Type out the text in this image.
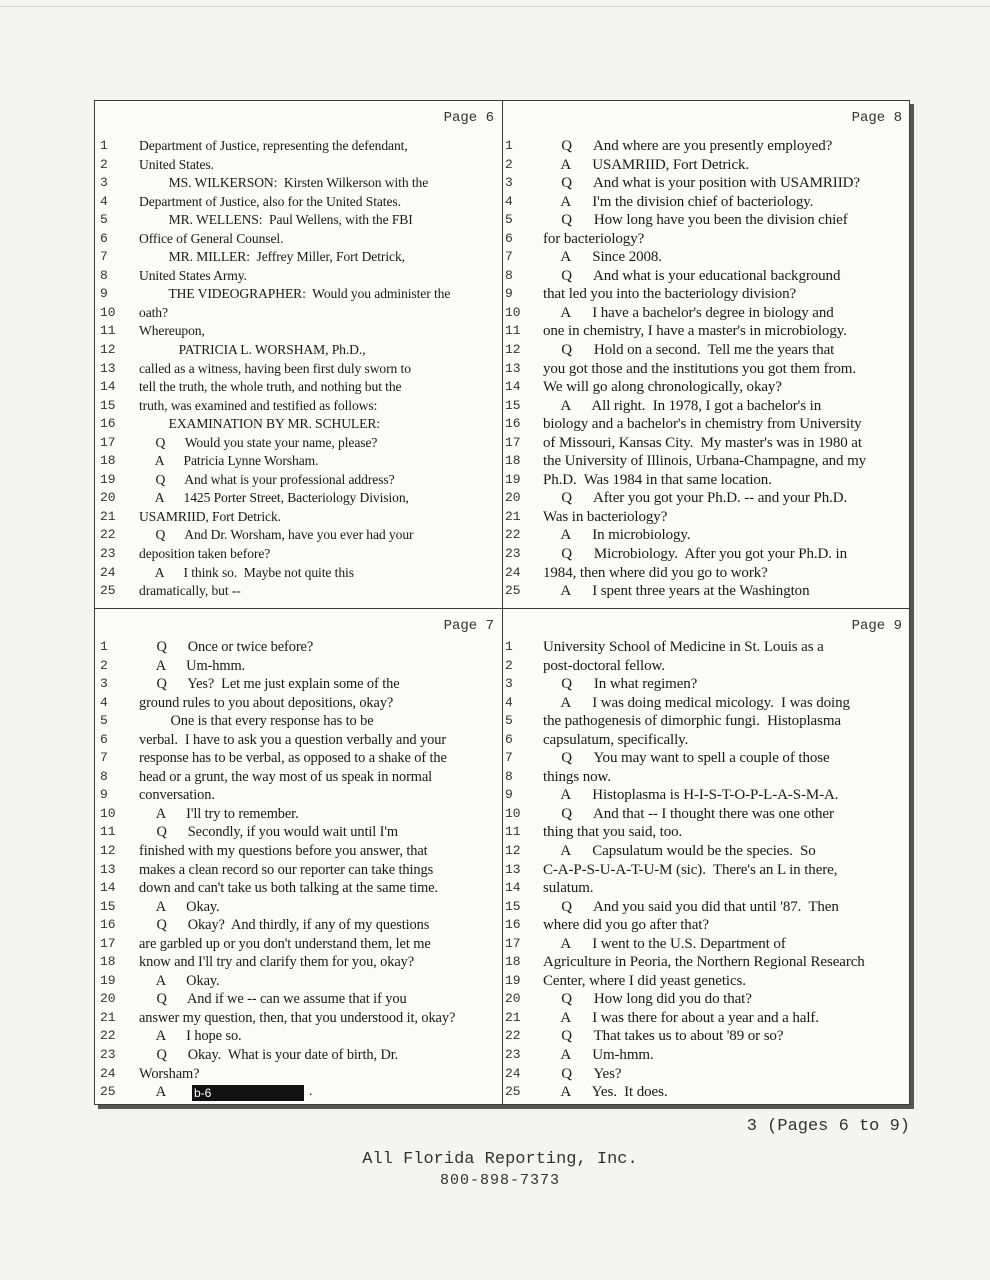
Page 6
1	Department of Justice, representing the defendant,
2	United States.
3	MS. WILKERSON:  Kirsten Wilkerson with the
4	Department of Justice, also for the United States.
5	MR. WELLENS:  Paul Wellens, with the FBI
6	Office of General Counsel.
7	MR. MILLER:  Jeffrey Miller, Fort Detrick,
8	United States Army.
9	THE VIDEOGRAPHER:  Would you administer the
10	oath?
11	Whereupon,
12	PATRICIA L. WORSHAM, Ph.D.,
13	called as a witness, having been first duly sworn to
14	tell the truth, the whole truth, and nothing but the
15	truth, was examined and testified as follows:
16	EXAMINATION BY MR. SCHULER:
17	Q      Would you state your name, please?
18	A      Patricia Lynne Worsham.
19	Q      And what is your professional address?
20	A      1425 Porter Street, Bacteriology Division,
21	USAMRIID, Fort Detrick.
22	Q      And Dr. Worsham, have you ever had your
23	deposition taken before?
24	A      I think so.  Maybe not quite this
25	dramatically, but --
Page 8
1	Q      And where are you presently employed?
2	A      USAMRIID, Fort Detrick.
3	Q      And what is your position with USAMRIID?
4	A      I'm the division chief of bacteriology.
5	Q      How long have you been the division chief
6	for bacteriology?
7	A      Since 2008.
8	Q      And what is your educational background
9	that led you into the bacteriology division?
10	A      I have a bachelor's degree in biology and
11	one in chemistry, I have a master's in microbiology.
12	Q      Hold on a second.  Tell me the years that
13	you got those and the institutions you got them from.
14	We will go along chronologically, okay?
15	A      All right.  In 1978, I got a bachelor's in
16	biology and a bachelor's in chemistry from University
17	of Missouri, Kansas City.  My master's was in 1980 at
18	the University of Illinois, Urbana-Champagne, and my
19	Ph.D.  Was 1984 in that same location.
20	Q      After you got your Ph.D. -- and your Ph.D.
21	Was in bacteriology?
22	A      In microbiology.
23	Q      Microbiology.  After you got your Ph.D. in
24	1984, then where did you go to work?
25	A      I spent three years at the Washington
Page 7
1	Q      Once or twice before?
2	A      Um-hmm.
3	Q      Yes?  Let me just explain some of the
4	ground rules to you about depositions, okay?
5	One is that every response has to be
6	verbal.  I have to ask you a question verbally and your
7	response has to be verbal, as opposed to a shake of the
8	head or a grunt, the way most of us speak in normal
9	conversation.
10	A      I'll try to remember.
11	Q      Secondly, if you would wait until I'm
12	finished with my questions before you answer, that
13	makes a clean record so our reporter can take things
14	down and can't take us both talking at the same time.
15	A      Okay.
16	Q      Okay?  And thirdly, if any of my questions
17	are garbled up or you don't understand them, let me
18	know and I'll try and clarify them for you, okay?
19	A      Okay.
20	Q      And if we -- can we assume that if you
21	answer my question, then, that you understood it, okay?
22	A      I hope so.
23	Q      Okay.  What is your date of birth, Dr.
24	Worsham?
25	A b-6	.
Page 9
1	University School of Medicine in St. Louis as a
2	post-doctoral fellow.
3	Q      In what regimen?
4	A      I was doing medical micology.  I was doing
5	the pathogenesis of dimorphic fungi.  Histoplasma
6	capsulatum, specifically.
7	Q      You may want to spell a couple of those
8	things now.
9	A      Histoplasma is H-I-S-T-O-P-L-A-S-M-A.
10	Q      And that -- I thought there was one other
11	thing that you said, too.
12	A      Capsulatum would be the species.  So
13	C-A-P-S-U-A-T-U-M (sic).  There's an L in there,
14	sulatum.
15	Q      And you said you did that until '87.  Then
16	where did you go after that?
17	A      I went to the U.S. Department of
18	Agriculture in Peoria, the Northern Regional Research
19	Center, where I did yeast genetics.
20	Q      How long did you do that?
21	A      I was there for about a year and a half.
22	Q      That takes us to about '89 or so?
23	A      Um-hmm.
24	Q      Yes?
25	A      Yes.  It does.
3 (Pages 6 to 9)
All Florida Reporting, Inc.
800-898-7373
